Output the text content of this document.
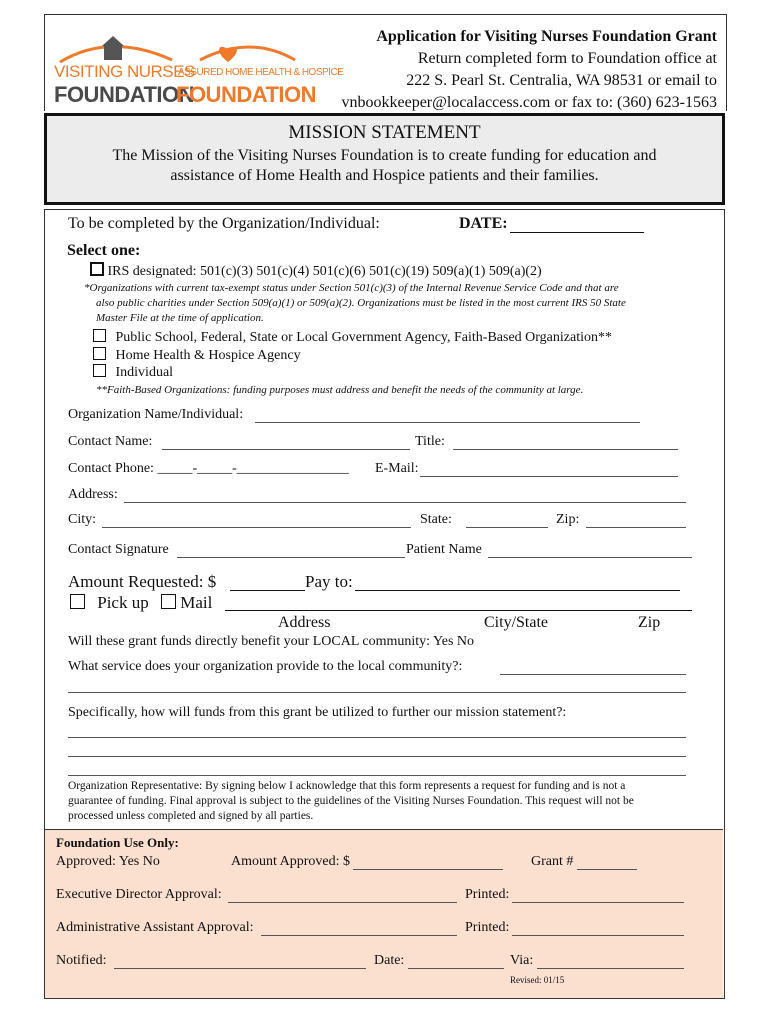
VISITING NURSES
ASSURED HOME HEALTH & HOSPICE
FOUNDATION
FOUNDATION
Application for Visiting Nurses Foundation Grant
Return completed form to Foundation office at
222 S. Pearl St. Centralia, WA 98531 or email to
vnbookkeeper@localaccess.com or fax to: (360) 623-1563
MISSION STATEMENT
The Mission of the Visiting Nurses Foundation is to create funding for education and
assistance of Home Health and Hospice patients and their families.
To be completed by the Organization/Individual:	DATE:
Select one:
IRS designated: 501(c)(3) 501(c)(4) 501(c)(6) 501(c)(19) 509(a)(1) 509(a)(2)
*Organizations with current tax-exempt status under Section 501(c)(3) of the Internal Revenue Service Code and that are
also public charities under Section 509(a)(1) or 509(a)(2). Organizations must be listed in the most current IRS 50 State
Master File at the time of application.
Public School, Federal, State or Local Government Agency, Faith-Based Organization**
Home Health & Hospice Agency
Individual
**Faith-Based Organizations: funding purposes must address and benefit the needs of the community at large.
Organization Name/Individual:
Contact Name:	Title:
Contact Phone: _____-_____-________________ E-Mail:
Address:
City:	State:	Zip:
Contact Signature	Patient Name
Amount Requested: $	Pay to:
Pick up Mail
Address	City/State	Zip
Will these grant funds directly benefit your LOCAL community: Yes No
What service does your organization provide to the local community?:
Specifically, how will funds from this grant be utilized to further our mission statement?:
Organization Representative: By signing below I acknowledge that this form represents a request for funding and is not a
guarantee of funding. Final approval is subject to the guidelines of the Visiting Nurses Foundation. This request will not be
processed unless completed and signed by all parties.
Foundation Use Only:
Approved: Yes No	Amount Approved: $	Grant #
Executive Director Approval:	Printed:
Administrative Assistant Approval:	Printed:
Notified:	Date:	Via:
Revised: 01/15
